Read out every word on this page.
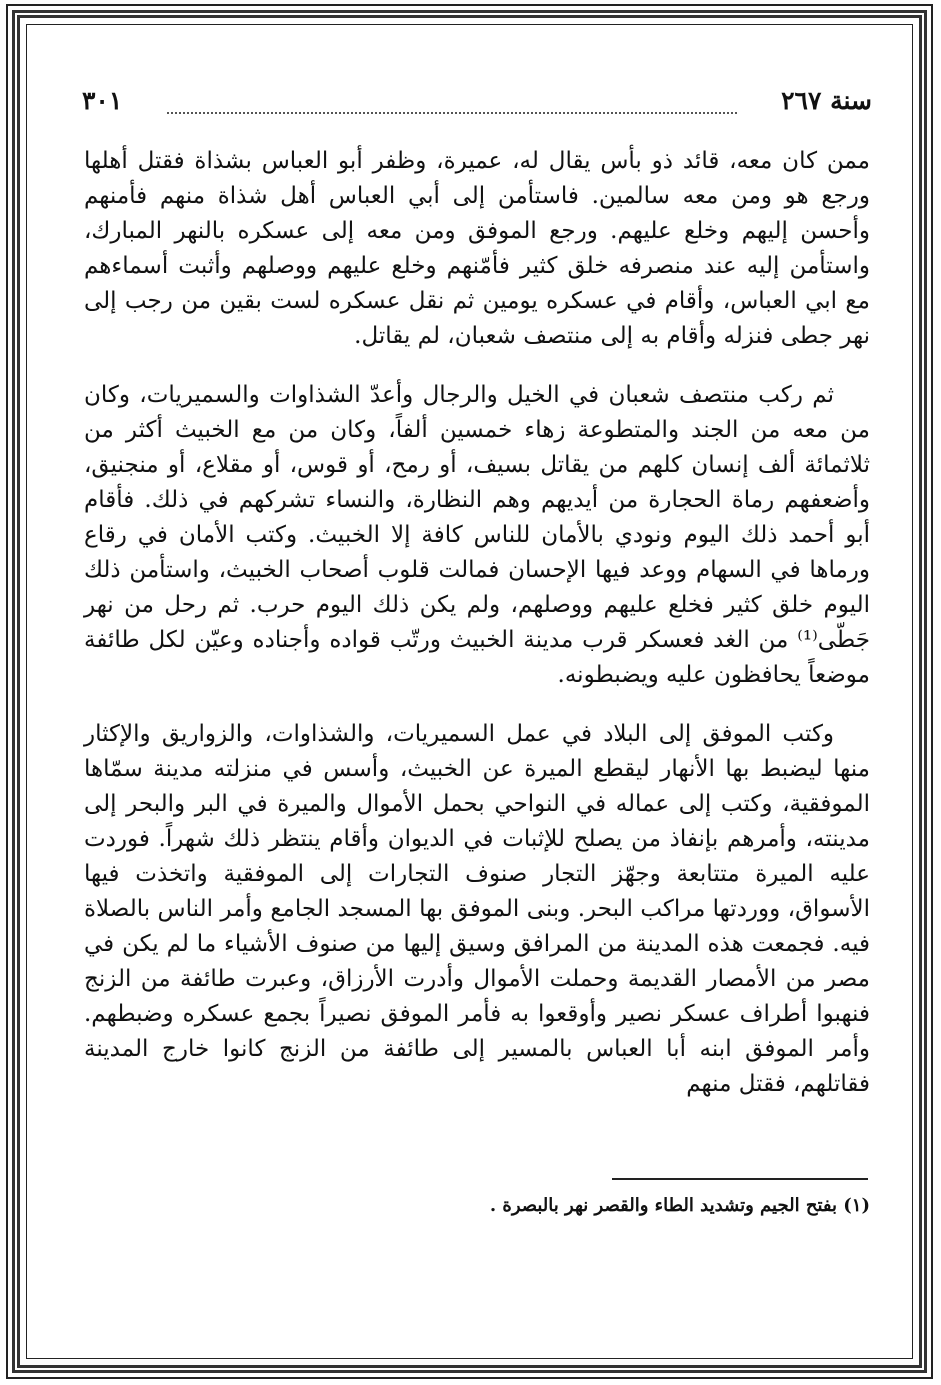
سنة ٢٦٧
٣٠١

ممن كان معه، قائد ذو بأس يقال له، عميرة، وظفر أبو العباس بشذاة فقتل أهلها ورجع هو ومن معه سالمين. فاستأمن إلى أبي العباس أهل شذاة منهم فأمنهم وأحسن إليهم وخلع عليهم. ورجع الموفق ومن معه إلى عسكره بالنهر المبارك، واستأمن إليه عند منصرفه خلق كثير فأمّنهم وخلع عليهم ووصلهم وأثبت أسماءهم مع ابي العباس، وأقام في عسكره يومين ثم نقل عسكره لست بقين من رجب إلى نهر جطى فنزله وأقام به إلى منتصف شعبان، لم يقاتل.

ثم ركب منتصف شعبان في الخيل والرجال وأعدّ الشذاوات والسميريات، وكان من معه من الجند والمتطوعة زهاء خمسين ألفاً، وكان من مع الخبيث أكثر من ثلاثمائة ألف إنسان كلهم من يقاتل بسيف، أو رمح، أو قوس، أو مقلاع، أو منجنيق، وأضعفهم رماة الحجارة من أيديهم وهم النظارة، والنساء تشركهم في ذلك. فأقام أبو أحمد ذلك اليوم ونودي بالأمان للناس كافة إلا الخبيث. وكتب الأمان في رقاع ورماها في السهام ووعد فيها الإحسان فمالت قلوب أصحاب الخبيث، واستأمن ذلك اليوم خلق كثير فخلع عليهم ووصلهم، ولم يكن ذلك اليوم حرب. ثم رحل من نهر جَطّى⁽¹⁾ من الغد فعسكر قرب مدينة الخبيث ورتّب قواده وأجناده وعيّن لكل طائفة موضعاً يحافظون عليه ويضبطونه.

وكتب الموفق إلى البلاد في عمل السميريات، والشذاوات، والزواريق والإكثار منها ليضبط بها الأنهار ليقطع الميرة عن الخبيث، وأسس في منزلته مدينة سمّاها الموفقية، وكتب إلى عماله في النواحي بحمل الأموال والميرة في البر والبحر إلى مدينته، وأمرهم بإنفاذ من يصلح للإثبات في الديوان وأقام ينتظر ذلك شهراً. فوردت عليه الميرة متتابعة وجهّز التجار صنوف التجارات إلى الموفقية واتخذت فيها الأسواق، ووردتها مراكب البحر. وبنى الموفق بها المسجد الجامع وأمر الناس بالصلاة فيه. فجمعت هذه المدينة من المرافق وسيق إليها من صنوف الأشياء ما لم يكن في مصر من الأمصار القديمة وحملت الأموال وأدرت الأرزاق، وعبرت طائفة من الزنج فنهبوا أطراف عسكر نصير وأوقعوا به فأمر الموفق نصيراً بجمع عسكره وضبطهم. وأمر الموفق ابنه أبا العباس بالمسير إلى طائفة من الزنج كانوا خارج المدينة فقاتلهم، فقتل منهم

(١) بفتح الجيم وتشديد الطاء والقصر نهر بالبصرة .
